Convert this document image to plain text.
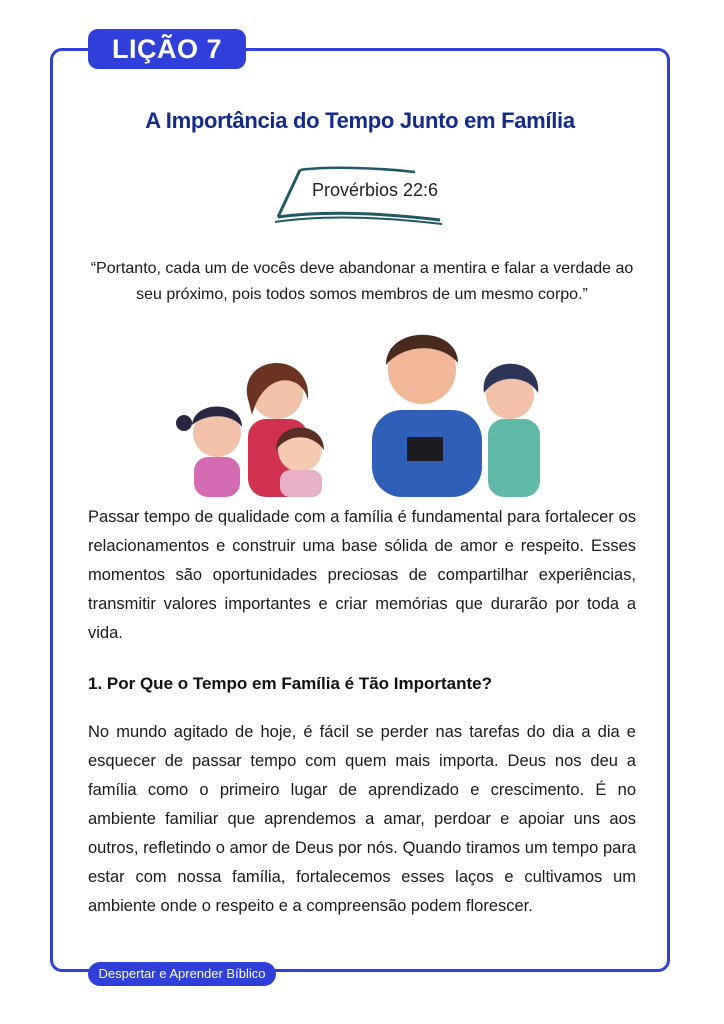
LIÇÃO 7
A Importância do Tempo Junto em Família
Provérbios 22:6
“Portanto, cada um de vocês deve abandonar a mentira e falar a verdade ao seu próximo, pois todos somos membros de um mesmo corpo.”
Passar tempo de qualidade com a família é fundamental para fortalecer os relacionamentos e construir uma base sólida de amor e respeito. Esses momentos são oportunidades preciosas de compartilhar experiências, transmitir valores importantes e criar memórias que durarão por toda a vida.
1. Por Que o Tempo em Família é Tão Importante?
No mundo agitado de hoje, é fácil se perder nas tarefas do dia a dia e esquecer de passar tempo com quem mais importa. Deus nos deu a família como o primeiro lugar de aprendizado e crescimento. É no ambiente familiar que aprendemos a amar, perdoar e apoiar uns aos outros, refletindo o amor de Deus por nós. Quando tiramos um tempo para estar com nossa família, fortalecemos esses laços e cultivamos um ambiente onde o respeito e a compreensão podem florescer.
Despertar e Aprender Bíblico
